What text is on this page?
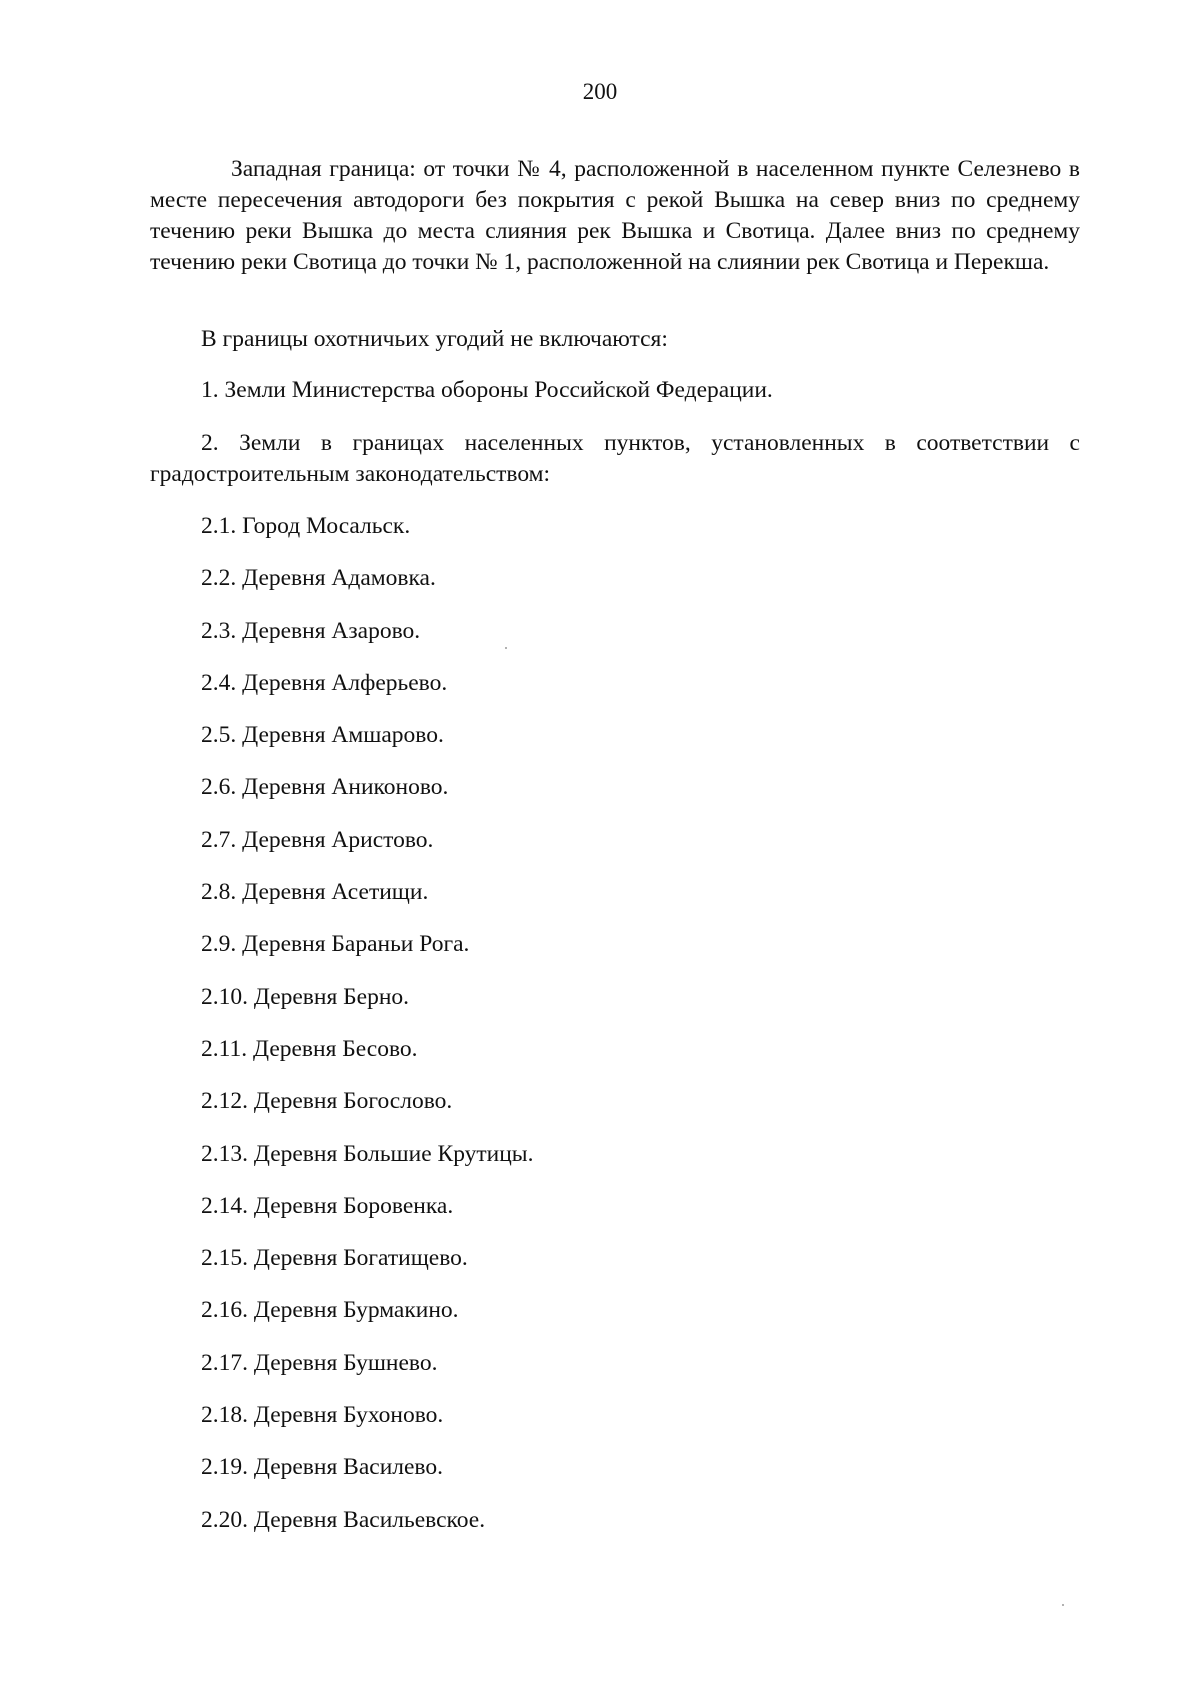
200

Западная граница: от точки № 4, расположенной в населенном пункте Селезнево в месте пересечения автодороги без покрытия с рекой Вышка на север вниз по среднему течению реки Вышка до места слияния рек Вышка и Свотица. Далее вниз по среднему течению реки Свотица до точки № 1, расположенной на слиянии рек Свотица и Перекша.

В границы охотничьих угодий не включаются:

1. Земли Министерства обороны Российской Федерации.

2. Земли в границах населенных пунктов, установленных в соответствии с градостроительным законодательством:

2.1. Город Мосальск.
2.2. Деревня Адамовка.
2.3. Деревня Азарово.
2.4. Деревня Алферьево.
2.5. Деревня Амшарово.
2.6. Деревня Аниконово.
2.7. Деревня Аристово.
2.8. Деревня Асетищи.
2.9. Деревня Бараньи Рога.
2.10. Деревня Берно.
2.11. Деревня Бесово.
2.12. Деревня Богослово.
2.13. Деревня Большие Крутицы.
2.14. Деревня Боровенка.
2.15. Деревня Богатищево.
2.16. Деревня Бурмакино.
2.17. Деревня Бушнево.
2.18. Деревня Бухоново.
2.19. Деревня Василево.
2.20. Деревня Васильевское.
